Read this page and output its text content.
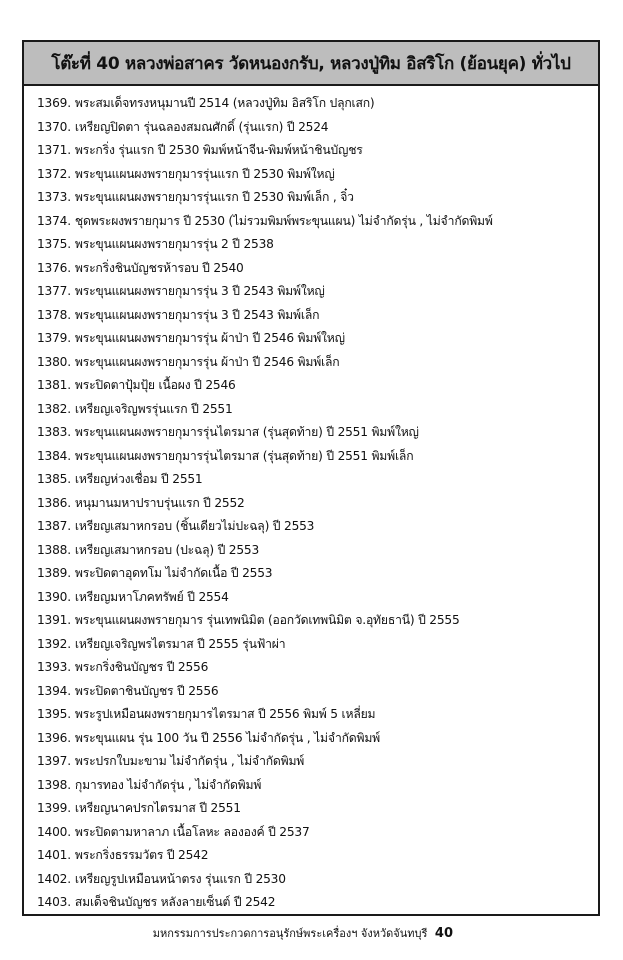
โต๊ะที่ 40 หลวงพ่อสาคร วัดหนองกรับ, หลวงปู่ทิม อิสริโก (ย้อนยุค) ทั่วไป
1369. พระสมเด็จทรงหนุมานปี 2514 (หลวงปู่ทิม อิสริโก ปลุกเสก)
1370. เหรียญปิดตา รุ่นฉลองสมณศักดิ์ (รุ่นแรก) ปี 2524
1371. พระกริ่ง รุ่นแรก ปี 2530 พิมพ์หน้าจีน-พิมพ์หน้าชินบัญชร
1372. พระขุนแผนผงพรายกุมารรุ่นแรก ปี 2530 พิมพ์ใหญ่
1373. พระขุนแผนผงพรายกุมารรุ่นแรก ปี 2530 พิมพ์เล็ก , จิ๋ว
1374. ชุดพระผงพรายกุมาร ปี 2530 (ไม่รวมพิมพ์พระขุนแผน) ไม่จำกัดรุ่น , ไม่จำกัดพิมพ์
1375. พระขุนแผนผงพรายกุมารรุ่น 2 ปี 2538
1376. พระกริ่งชินบัญชรห้ารอบ ปี 2540
1377. พระขุนแผนผงพรายกุมารรุ่น 3 ปี 2543 พิมพ์ใหญ่
1378. พระขุนแผนผงพรายกุมารรุ่น 3 ปี 2543 พิมพ์เล็ก
1379. พระขุนแผนผงพรายกุมารรุ่น ผ้าป่า ปี 2546 พิมพ์ใหญ่
1380. พระขุนแผนผงพรายกุมารรุ่น ผ้าป่า ปี 2546 พิมพ์เล็ก
1381. พระปิดตาปุ้มปุ้ย เนื้อผง ปี 2546
1382. เหรียญเจริญพรรุ่นแรก ปี 2551
1383. พระขุนแผนผงพรายกุมารรุ่นไตรมาส (รุ่นสุดท้าย) ปี 2551 พิมพ์ใหญ่
1384. พระขุนแผนผงพรายกุมารรุ่นไตรมาส (รุ่นสุดท้าย) ปี 2551 พิมพ์เล็ก
1385. เหรียญห่วงเชื่อม ปี 2551
1386. หนุมานมหาปราบรุ่นแรก ปี 2552
1387. เหรียญเสมาหกรอบ (ชิ้นเดียวไม่ปะฉลุ) ปี 2553
1388. เหรียญเสมาหกรอบ (ปะฉลุ) ปี 2553
1389. พระปิดตาอุดทโม ไม่จำกัดเนื้อ ปี 2553
1390. เหรียญมหาโภคทรัพย์ ปี 2554
1391. พระขุนแผนผงพรายกุมาร รุ่นเทพนิมิต (ออกวัดเทพนิมิต จ.อุทัยธานี) ปี 2555
1392. เหรียญเจริญพรไตรมาส ปี 2555 รุ่นฟ้าผ่า
1393. พระกริ่งชินบัญชร ปี 2556
1394. พระปิดตาชินบัญชร ปี 2556
1395. พระรูปเหมือนผงพรายกุมารไตรมาส ปี 2556 พิมพ์ 5 เหลี่ยม
1396. พระขุนแผน รุ่น 100 วัน ปี 2556 ไม่จำกัดรุ่น , ไม่จำกัดพิมพ์
1397. พระปรกใบมะขาม ไม่จำกัดรุ่น , ไม่จำกัดพิมพ์
1398. กุมารทอง ไม่จำกัดรุ่น , ไม่จำกัดพิมพ์
1399. เหรียญนาคปรกไตรมาส ปี 2551
1400. พระปิดตามหาลาภ เนื้อโลหะ ลององค์ ปี 2537
1401. พระกริ่งธรรมวัตร ปี 2542
1402. เหรียญรูปเหมือนหน้าตรง รุ่นแรก ปี 2530
1403. สมเด็จชินบัญชร หลังลายเซ็นต์ ปี 2542
มหกรรมการประกวดการอนุรักษ์พระเครื่องฯ จังหวัดจันทบุรี 40
